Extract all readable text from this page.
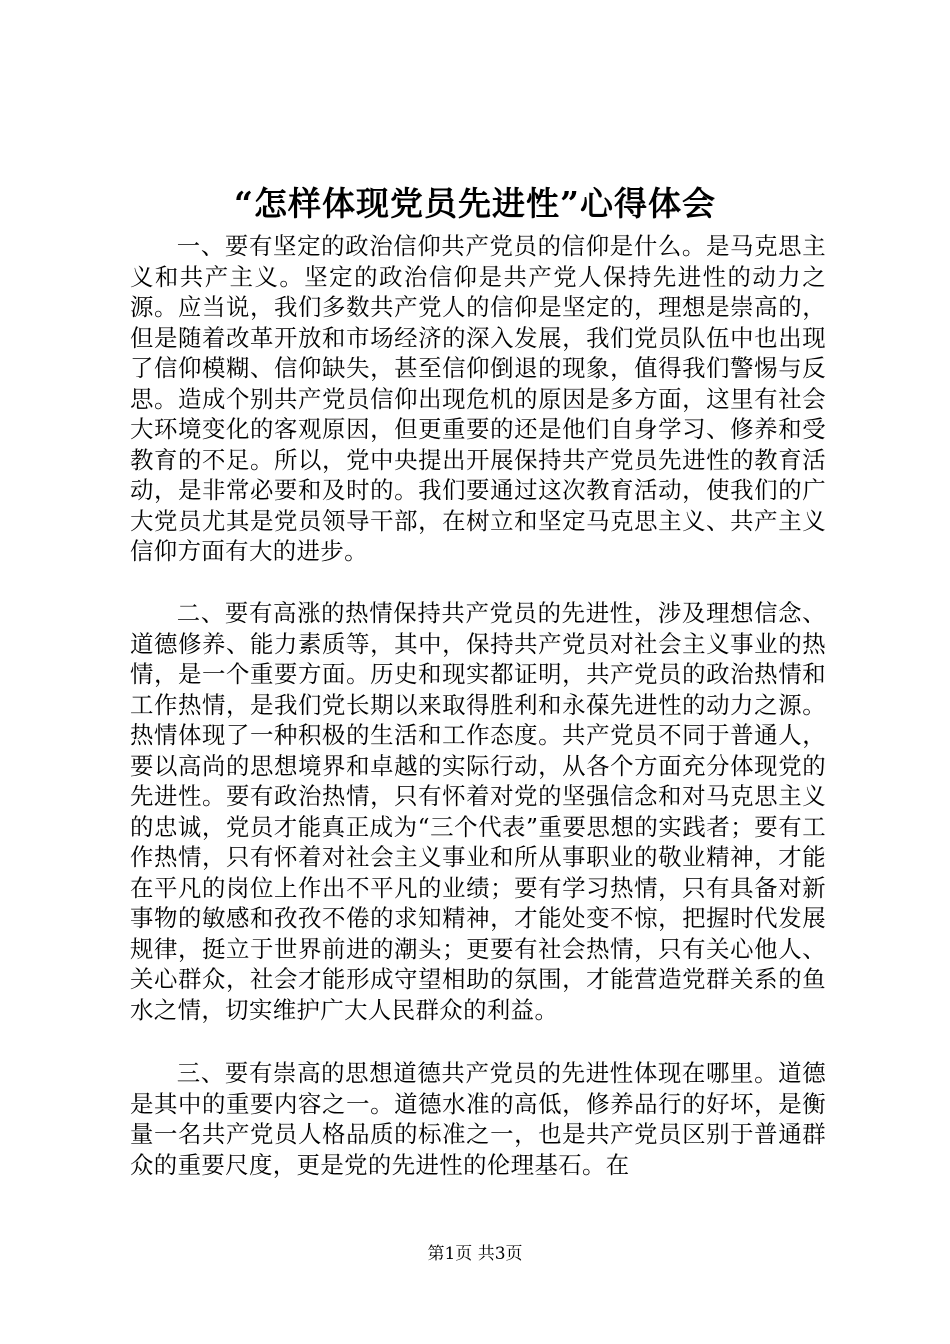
“怎样体现党员先进性”心得体会

一、要有坚定的政治信仰共产党员的信仰是什么。是马克思主义和共产主义。坚定的政治信仰是共产党人保持先进性的动力之源。应当说，我们多数共产党人的信仰是坚定的，理想是崇高的，但是随着改革开放和市场经济的深入发展，我们党员队伍中也出现了信仰模糊、信仰缺失，甚至信仰倒退的现象，值得我们警惕与反思。造成个别共产党员信仰出现危机的原因是多方面，这里有社会大环境变化的客观原因，但更重要的还是他们自身学习、修养和受教育的不足。所以，党中央提出开展保持共产党员先进性的教育活动，是非常必要和及时的。我们要通过这次教育活动，使我们的广大党员尤其是党员领导干部，在树立和坚定马克思主义、共产主义信仰方面有大的进步。

二、要有高涨的热情保持共产党员的先进性，涉及理想信念、道德修养、能力素质等，其中，保持共产党员对社会主义事业的热情，是一个重要方面。历史和现实都证明，共产党员的政治热情和工作热情，是我们党长期以来取得胜利和永葆先进性的动力之源。热情体现了一种积极的生活和工作态度。共产党员不同于普通人，要以高尚的思想境界和卓越的实际行动，从各个方面充分体现党的先进性。要有政治热情，只有怀着对党的坚强信念和对马克思主义的忠诚，党员才能真正成为“三个代表”重要思想的实践者；要有工作热情，只有怀着对社会主义事业和所从事职业的敬业精神，才能在平凡的岗位上作出不平凡的业绩；要有学习热情，只有具备对新事物的敏感和孜孜不倦的求知精神，才能处变不惊，把握时代发展规律，挺立于世界前进的潮头；更要有社会热情，只有关心他人、关心群众，社会才能形成守望相助的氛围，才能营造党群关系的鱼水之情，切实维护广大人民群众的利益。

三、要有崇高的思想道德共产党员的先进性体现在哪里。道德是其中的重要内容之一。道德水准的高低，修养品行的好坏，是衡量一名共产党员人格品质的标准之一，也是共产党员区别于普通群众的重要尺度，更是党的先进性的伦理基石。在

第1页 共3页
